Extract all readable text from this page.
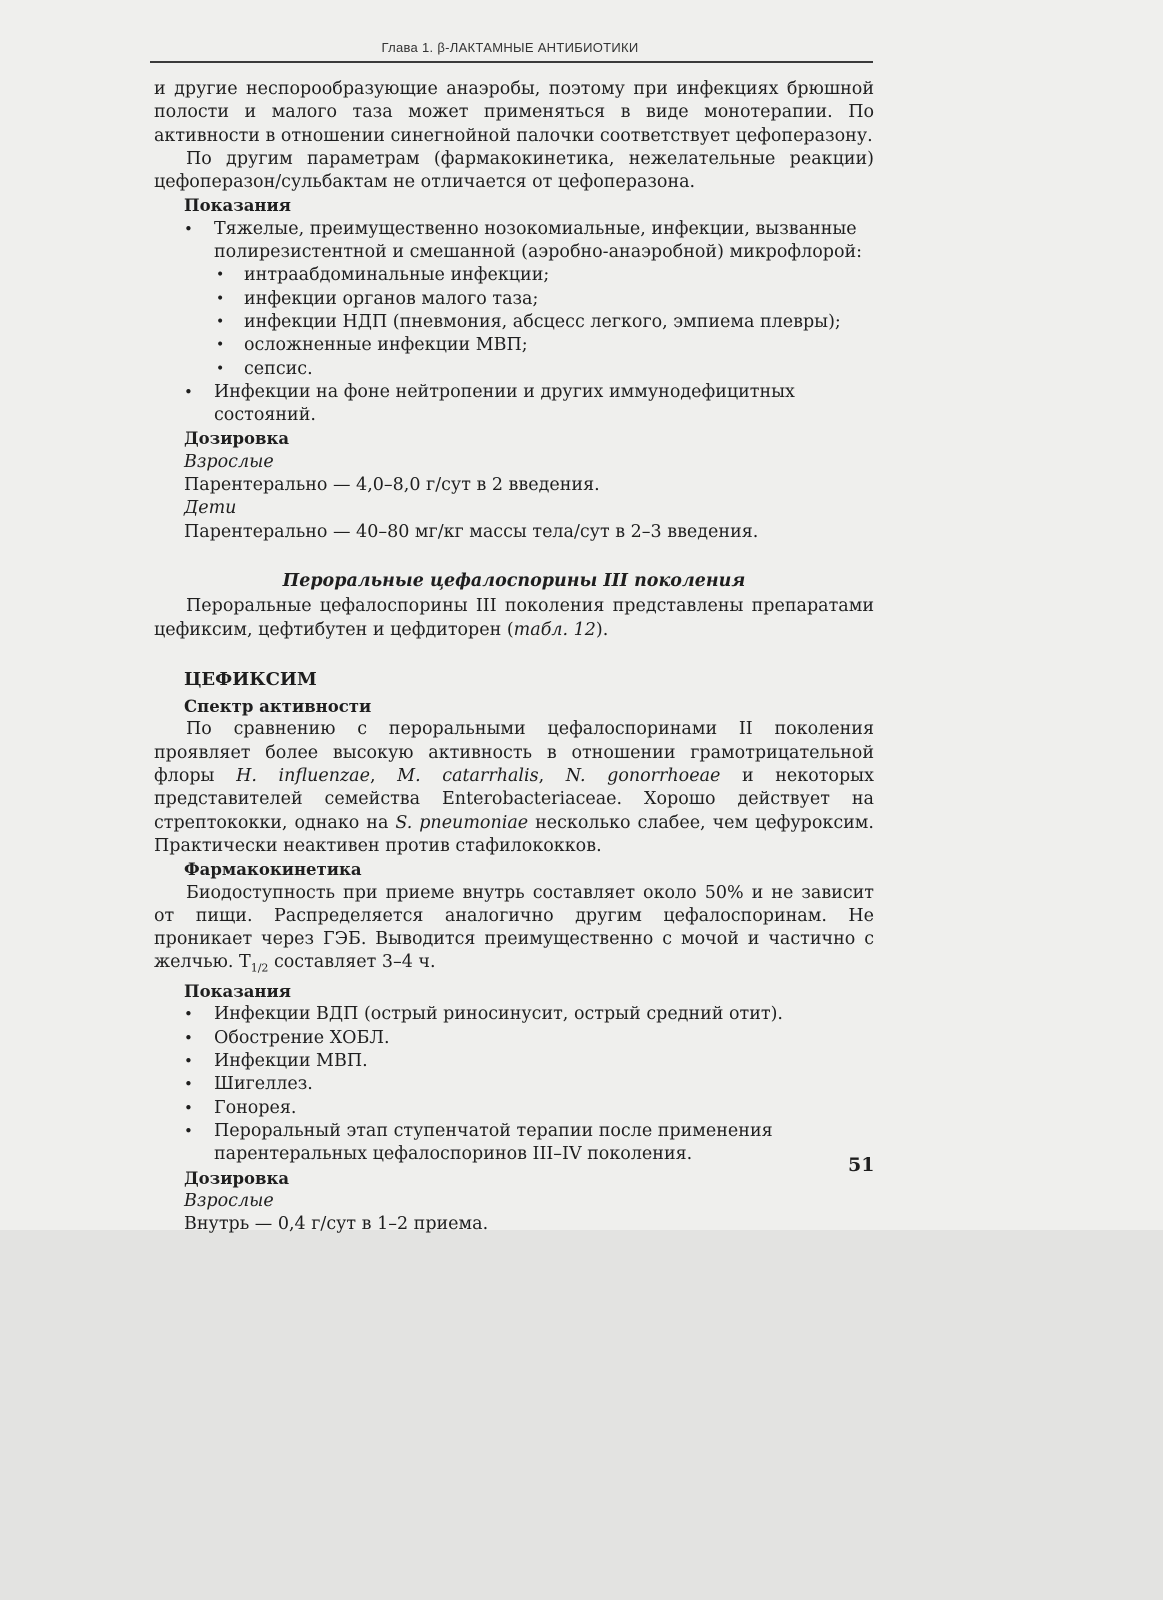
Глава 1. β-ЛАКТАМНЫЕ АНТИБИОТИКИ

и другие неспорообразующие анаэробы, поэтому при инфекциях брюшной полости и малого таза может применяться в виде монотерапии. По активности в отношении синегнойной палочки соответствует цефоперазону.

По другим параметрам (фармакокинетика, нежелательные реакции) цефоперазон/сульбактам не отличается от цефоперазона.

Показания
• Тяжелые, преимущественно нозокомиальные, инфекции, вызванные полирезистентной и смешанной (аэробно-анаэробной) микрофлорой:
• интраабдоминальные инфекции;
• инфекции органов малого таза;
• инфекции НДП (пневмония, абсцесс легкого, эмпиема плевры);
• осложненные инфекции МВП;
• сепсис.
• Инфекции на фоне нейтропении и других иммунодефицитных состояний.
Дозировка
Взрослые

Парентерально — 4,0–8,0 г/сут в 2 введения.

Дети

Парентерально — 40–80 мг/кг массы тела/сут в 2–3 введения.

Пероральные цефалоспорины III поколения

Пероральные цефалоспорины III поколения представлены препаратами цефиксим, цефтибутен и цефдиторен (табл. 12).

ЦЕФИКСИМ
Спектр активности

По сравнению с пероральными цефалоспоринами II поколения проявляет более высокую активность в отношении грамотрицательной флоры H. influenzae, M. catarrhalis, N. gonorrhoeae и некоторых представителей семейства Enterobacteriaceae. Хорошо действует на стрептококки, однако на S. pneumoniae несколько слабее, чем цефуроксим. Практически неактивен против стафилококков.

Фармакокинетика

Биодоступность при приеме внутрь составляет около 50% и не зависит от пищи. Распределяется аналогично другим цефалоспоринам. Не проникает через ГЭБ. Выводится преимущественно с мочой и частично с желчью. $T_{1/2}$ составляет 3–4 ч.

Показания
• Инфекции ВДП (острый риносинусит, острый средний отит).
• Обострение ХОБЛ.
• Инфекции МВП.
• Шигеллез.
• Гонорея.
• Пероральный этап ступенчатой терапии после применения парентеральных цефалоспоринов III–IV поколения.
Дозировка
Взрослые

Внутрь — 0,4 г/сут в 1–2 приема.

51
